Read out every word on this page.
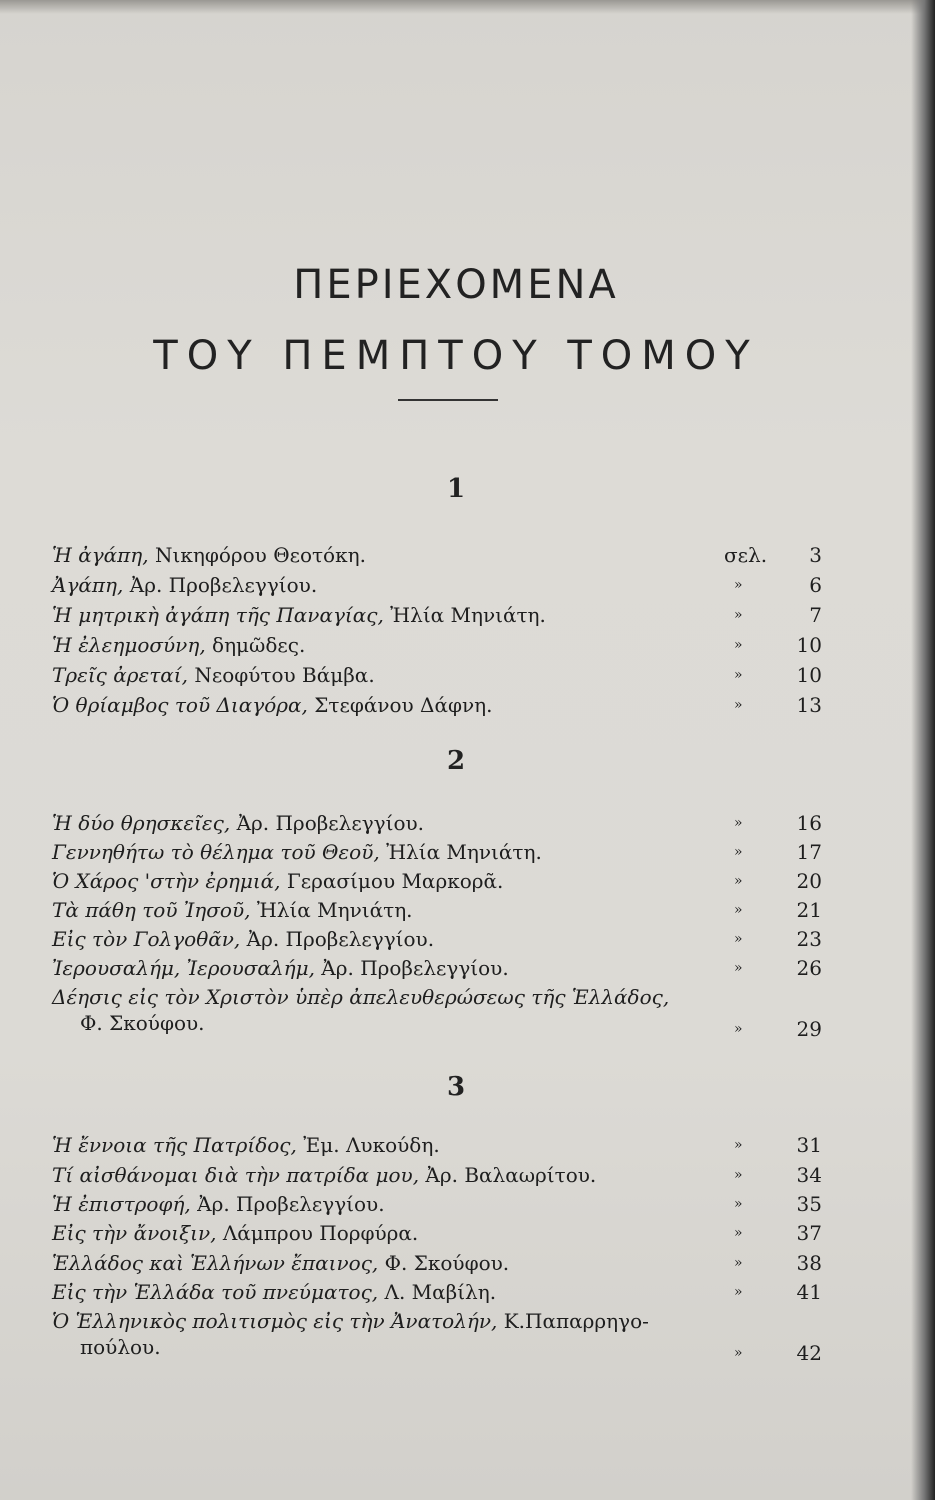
ΠΕΡΙΕΧΟΜΕΝΑ
ΤΟΥ ΠΕΜΠΤΟΥ ΤΟΜΟΥ
1
Ἡ ἀγάπη, Νικηφόρου Θεοτόκη.	σελ.	3
Ἀγάπη, Ἀρ. Προβελεγγίου.	»	6
Ἡ μητρικὴ ἀγάπη τῆς Παναγίας, Ἠλία Μηνιάτη.	»	7
Ἡ ἐλεημοσύνη, δημῶδες.	»	10
Τρεῖς ἀρεταί, Νεοφύτου Βάμβα.	»	10
Ὁ θρίαμβος τοῦ Διαγόρα, Στεφάνου Δάφνη.	»	13
2
Ἡ δύο θρησκεῖες, Ἀρ. Προβελεγγίου.	»	16
Γεννηθήτω τὸ θέλημα τοῦ Θεοῦ, Ἠλία Μηνιάτη.	»	17
Ὁ Χάρος 'στὴν ἐρημιά, Γερασίμου Μαρκορᾶ.	»	20
Τὰ πάθη τοῦ Ἰησοῦ, Ἠλία Μηνιάτη.	»	21
Εἰς τὸν Γολγοθᾶν, Ἀρ. Προβελεγγίου.	»	23
Ἰερουσαλήμ, Ἰερουσαλήμ, Ἀρ. Προβελεγγίου.	»	26
Δέησις εἰς τὸν Χριστὸν ὑπὲρ ἀπελευθερώσεως τῆς Ἑλλάδος,
Φ. Σκούφου.	»	29
3
Ἡ ἔννοια τῆς Πατρίδος, Ἐμ. Λυκούδη.	»	31
Τί αἰσθάνομαι διὰ τὴν πατρίδα μου, Ἀρ. Βαλαωρίτου.	»	34
Ἡ ἐπιστροφή, Ἀρ. Προβελεγγίου.	»	35
Εἰς τὴν ἄνοιξιν, Λάμπρου Πορφύρα.	»	37
Ἑλλάδος καὶ Ἑλλήνων ἔπαινος, Φ. Σκούφου.	»	38
Εἰς τὴν Ἑλλάδα τοῦ πνεύματος, Λ. Μαβίλη.	»	41
Ὁ Ἑλληνικὸς πολιτισμὸς εἰς τὴν Ἀνατολήν, Κ.Παπαρρηγο-
πούλου.	»	42
